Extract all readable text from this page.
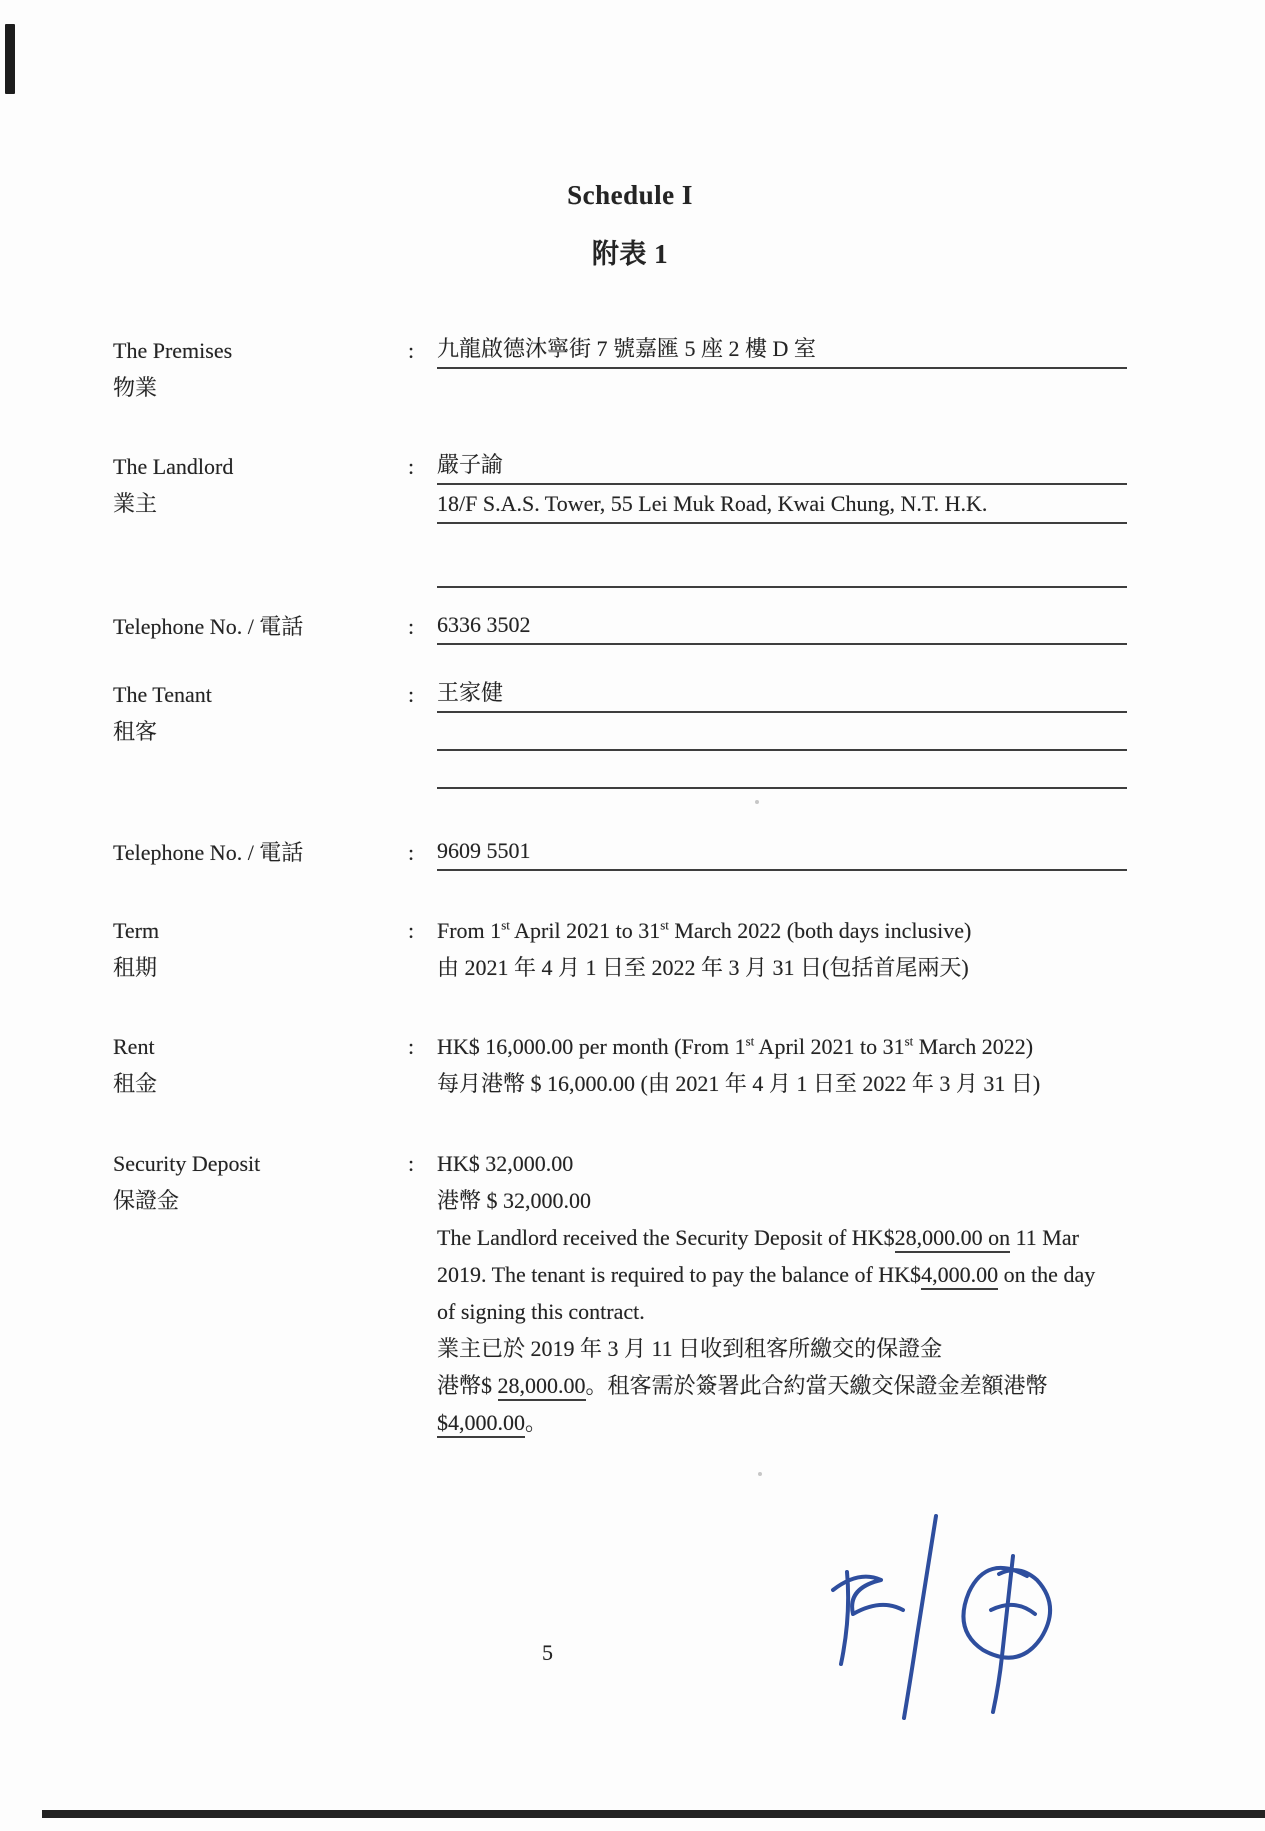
Schedule I
附表 1
The Premises
物業
:	九龍啟德沐寧街 7 號嘉匯 5 座 2 樓 D 室
The Landlord
業主
:	嚴子諭
18/F S.A.S. Tower, 55 Lei Muk Road, Kwai Chung, N.T. H.K.
Telephone No. / 電話	:	6336 3502
The Tenant
租客
:	王家健
Telephone No. / 電話	:	9609 5501
Term
租期
:	From 1st April 2021 to 31st March 2022 (both days inclusive)
由 2021 年 4 月 1 日至 2022 年 3 月 31 日(包括首尾兩天)
Rent
租金
:	HK$ 16,000.00 per month (From 1st April 2021 to 31st March 2022)
每月港幣 $ 16,000.00 (由 2021 年 4 月 1 日至 2022 年 3 月 31 日)
Security Deposit
保證金
:	HK$ 32,000.00
港幣 $ 32,000.00
The Landlord received the Security Deposit of HK$28,000.00 on 11 Mar
2019. The tenant is required to pay the balance of HK$4,000.00 on the day
of signing this contract.
業主已於 2019 年 3 月 11 日收到租客所繳交的保證金
港幣$ 28,000.00。租客需於簽署此合約當天繳交保證金差額港幣
$4,000.00。
5
